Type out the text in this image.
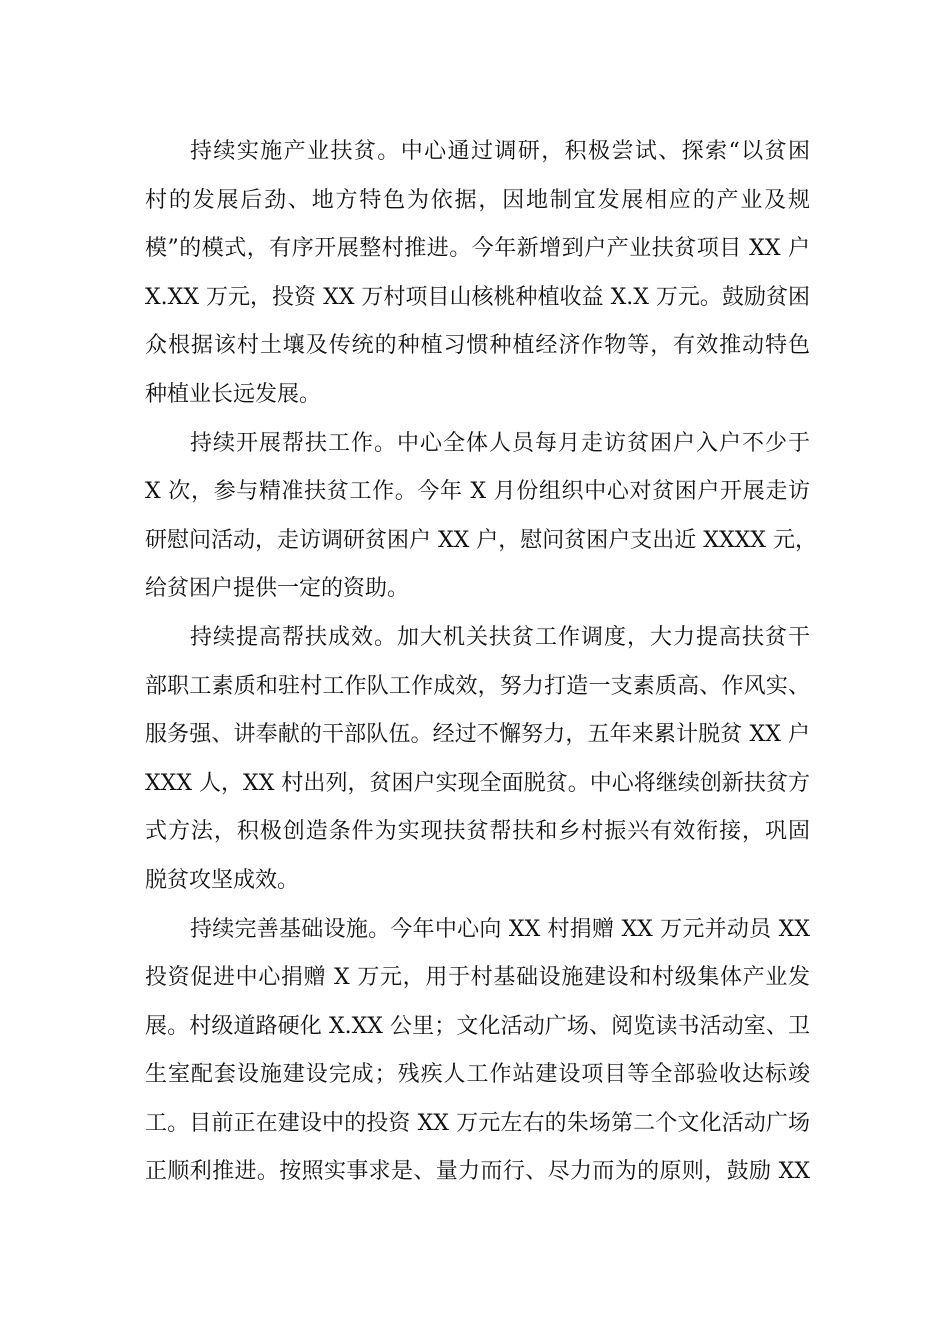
持续实施产业扶贫。中心通过调研，积极尝试、探索“以贫困
村的发展后劲、地方特色为依据，因地制宜发展相应的产业及规
模”的模式，有序开展整村推进。今年新增到户产业扶贫项目 XX 户
X.XX 万元，投资 XX 万村项目山核桃种植收益 X.X 万元。鼓励贫困
众根据该村土壤及传统的种植习惯种植经济作物等，有效推动特色
种植业长远发展。
持续开展帮扶工作。中心全体人员每月走访贫困户入户不少于
X 次，参与精准扶贫工作。今年 X 月份组织中心对贫困户开展走访
研慰问活动，走访调研贫困户 XX 户，慰问贫困户支出近 XXXX 元，
给贫困户提供一定的资助。
持续提高帮扶成效。加大机关扶贫工作调度，大力提高扶贫干
部职工素质和驻村工作队工作成效，努力打造一支素质高、作风实、
服务强、讲奉献的干部队伍。经过不懈努力，五年来累计脱贫 XX 户
XXX 人，XX 村出列，贫困户实现全面脱贫。中心将继续创新扶贫方
式方法，积极创造条件为实现扶贫帮扶和乡村振兴有效衔接，巩固
脱贫攻坚成效。
持续完善基础设施。今年中心向 XX 村捐赠 XX 万元并动员 XX
投资促进中心捐赠 X 万元，用于村基础设施建设和村级集体产业发
展。村级道路硬化 X.XX 公里；文化活动广场、阅览读书活动室、卫
生室配套设施建设完成；残疾人工作站建设项目等全部验收达标竣
工。目前正在建设中的投资 XX 万元左右的朱场第二个文化活动广场
正顺利推进。按照实事求是、量力而行、尽力而为的原则，鼓励 XX
